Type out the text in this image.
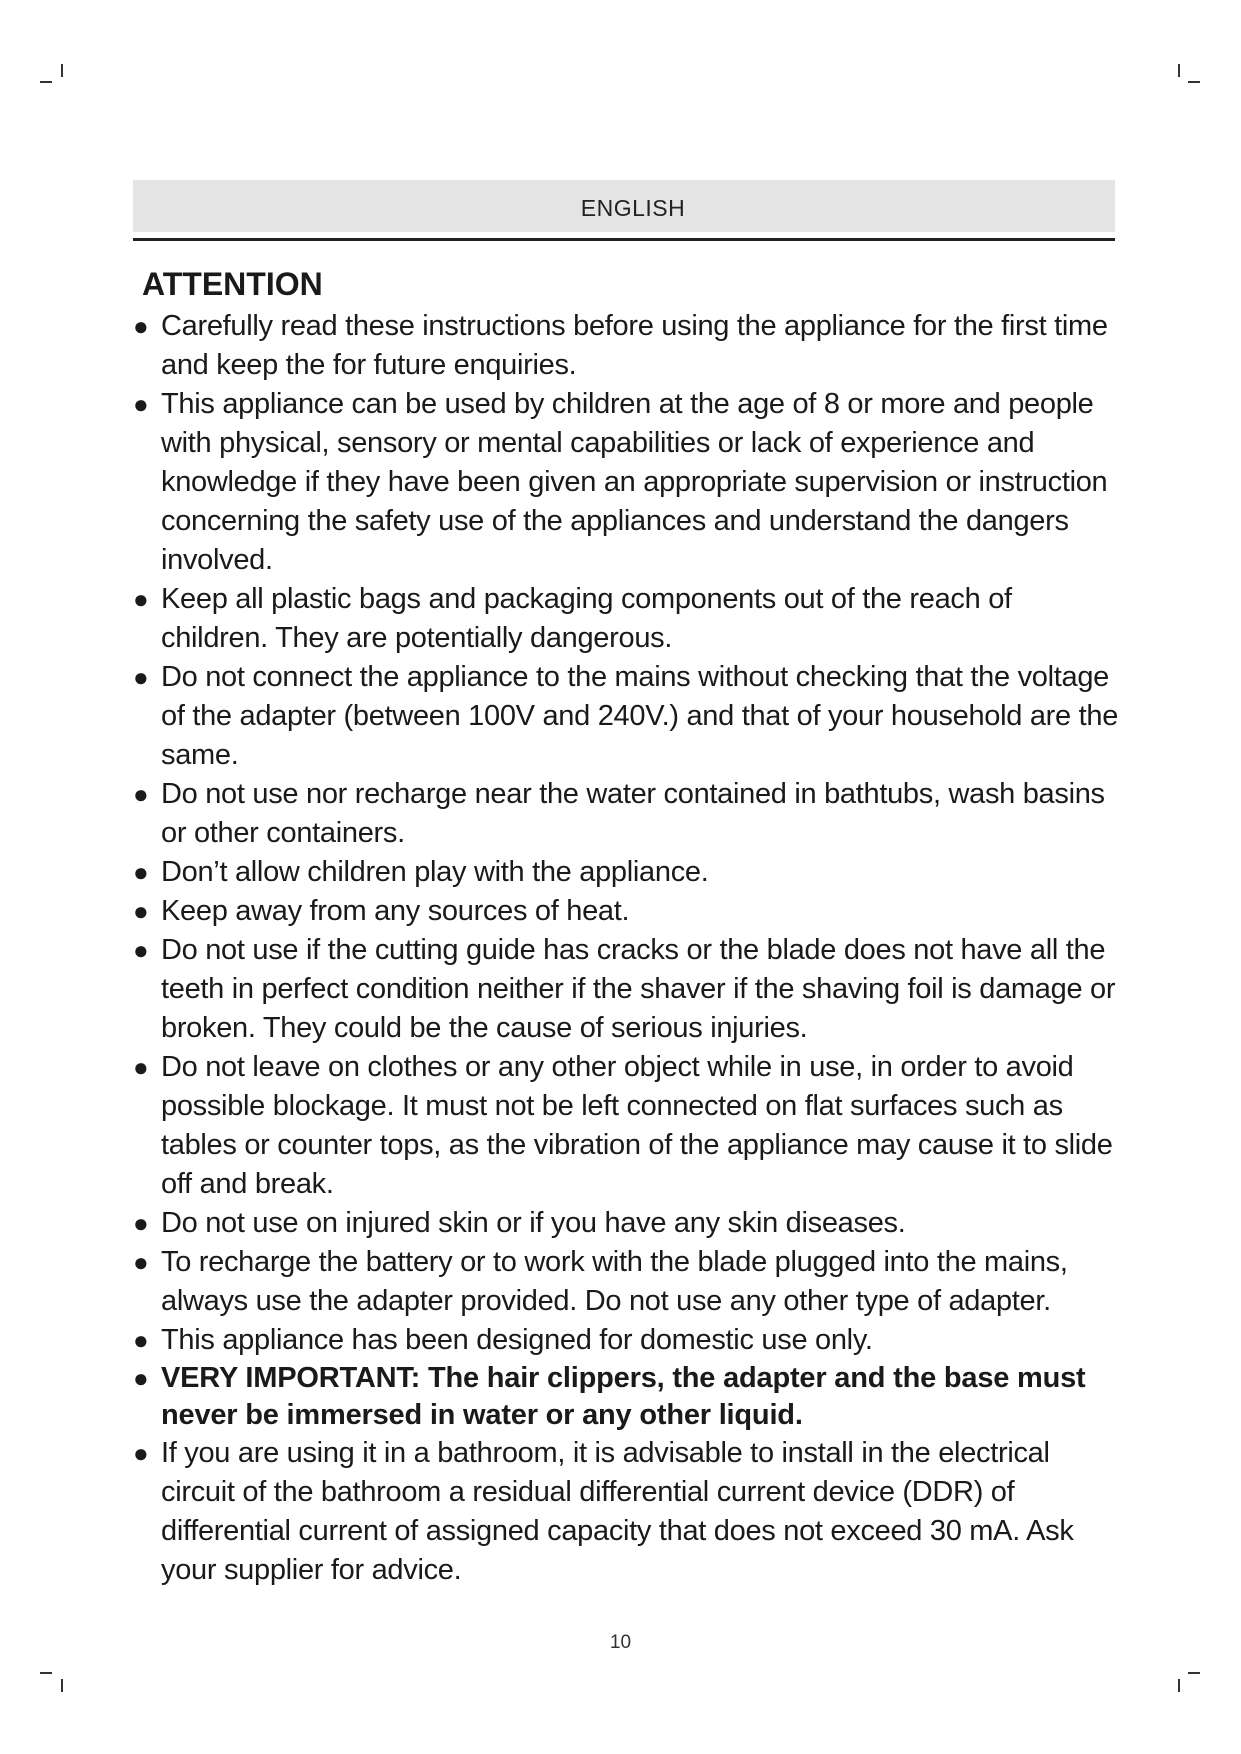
ENGLISH
ATTENTION
● Carefully read these instructions before using the appliance for the first time and keep the for future enquiries.
● This appliance can be used by children at the age of 8 or more and people with physical, sensory or mental capabilities or lack of experience and knowledge if they have been given an appropriate supervision or instruction concerning the safety use of the appliances and understand the dangers involved.
● Keep all plastic bags and packaging components out of the reach of children. They are potentially dangerous.
● Do not connect the appliance to the mains without checking that the voltage of the adapter (between 100V and 240V.) and that of your household are the same.
● Do not use nor recharge near the water contained in bathtubs, wash basins or other containers.
● Don’t allow children play with the appliance.
● Keep away from any sources of heat.
● Do not use if the cutting guide has cracks or the blade does not have all the teeth in perfect condition neither if the shaver if the shaving foil is damage or broken. They could be the cause of serious injuries.
● Do not leave on clothes or any other object while in use, in order to avoid possible blockage. It must not be left connected on flat surfaces such as tables or counter tops, as the vibration of the appliance may cause it to slide off and break.
● Do not use on injured skin or if you have any skin diseases.
● To recharge the battery or to work with the blade plugged into the mains, always use the adapter provided. Do not use any other type of adapter.
● This appliance has been designed for domestic use only.
● VERY IMPORTANT: The hair clippers, the adapter and the base must never be immersed in water or any other liquid.
● If you are using it in a bathroom, it is advisable to install in the electrical circuit of the bathroom a residual differential current device (DDR) of differential current of assigned capacity that does not exceed 30 mA. Ask your supplier for advice.
10
